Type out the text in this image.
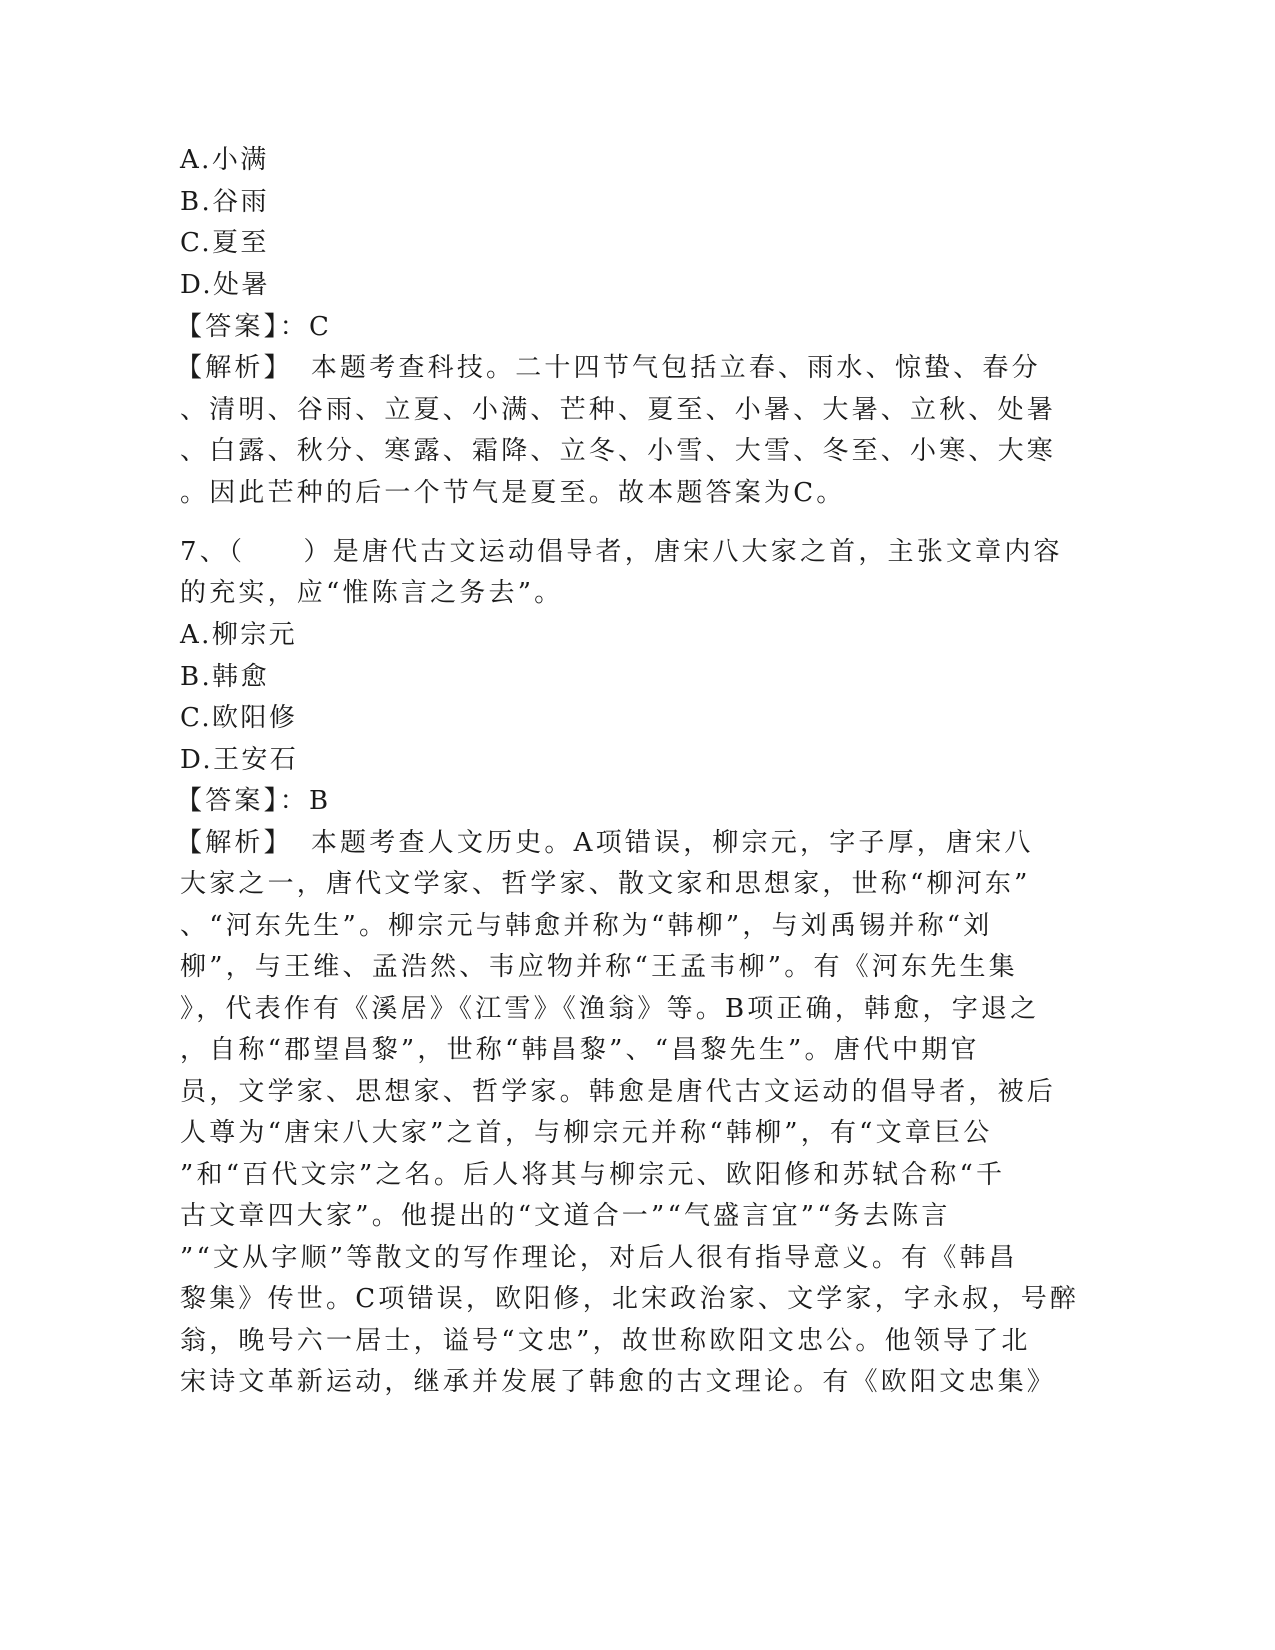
A.小满
B.谷雨
C.夏至
D.处暑
【答案】：C
【解析】 本题考查科技。二十四节气包括立春、雨水、惊蛰、春分
、清明、谷雨、立夏、小满、芒种、夏至、小暑、大暑、立秋、处暑
、白露、秋分、寒露、霜降、立冬、小雪、大雪、冬至、小寒、大寒
。因此芒种的后一个节气是夏至。故本题答案为C。
7、（　　）是唐代古文运动倡导者，唐宋八大家之首，主张文章内容
的充实，应“惟陈言之务去”。
A.柳宗元
B.韩愈
C.欧阳修
D.王安石
【答案】：B
【解析】 本题考查人文历史。A项错误，柳宗元，字子厚，唐宋八
大家之一，唐代文学家、哲学家、散文家和思想家，世称“柳河东”
、“河东先生”。柳宗元与韩愈并称为“韩柳”，与刘禹锡并称“刘
柳”，与王维、孟浩然、韦应物并称“王孟韦柳”。有《河东先生集
》，代表作有《溪居》《江雪》《渔翁》等。B项正确，韩愈，字退之
，自称“郡望昌黎”，世称“韩昌黎”、“昌黎先生”。唐代中期官
员，文学家、思想家、哲学家。韩愈是唐代古文运动的倡导者，被后
人尊为“唐宋八大家”之首，与柳宗元并称“韩柳”，有“文章巨公
”和“百代文宗”之名。后人将其与柳宗元、欧阳修和苏轼合称“千
古文章四大家”。他提出的“文道合一”“气盛言宜”“务去陈言
”“文从字顺”等散文的写作理论，对后人很有指导意义。有《韩昌
黎集》传世。C项错误，欧阳修，北宋政治家、文学家，字永叔，号醉
翁，晚号六一居士，谥号“文忠”，故世称欧阳文忠公。他领导了北
宋诗文革新运动，继承并发展了韩愈的古文理论。有《欧阳文忠集》
